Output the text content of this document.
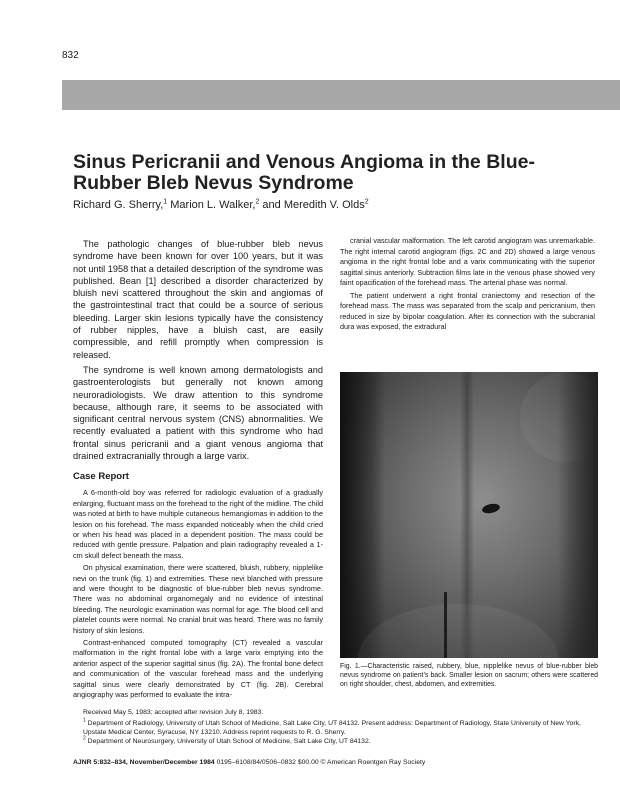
832
Sinus Pericranii and Venous Angioma in the Blue-Rubber Bleb Nevus Syndrome
Richard G. Sherry,$^1$ Marion L. Walker,$^2$ and Meredith V. Olds$^2$

The pathologic changes of blue-rubber bleb nevus syndrome have been known for over 100 years, but it was not until 1958 that a detailed description of the syndrome was published. Bean [1] described a disorder characterized by bluish nevi scattered throughout the skin and angiomas of the gastrointestinal tract that could be a source of serious bleeding. Larger skin lesions typically have the consistency of rubber nipples, have a bluish cast, are easily compressible, and refill promptly when compression is released.

The syndrome is well known among dermatologists and gastroenterologists but generally not known among neuroradiologists. We draw attention to this syndrome because, although rare, it seems to be associated with significant central nervous system (CNS) abnormalities. We recently evaluated a patient with this syndrome who had frontal sinus pericranii and a giant venous angioma that drained extracranially through a large varix.

Case Report

A 6-month-old boy was referred for radiologic evaluation of a gradually enlarging, fluctuant mass on the forehead to the right of the midline. The child was noted at birth to have multiple cutaneous hemangiomas in addition to the lesion on his forehead. The mass expanded noticeably when the child cried or when his head was placed in a dependent position. The mass could be reduced with gentle pressure. Palpation and plain radiography revealed a 1-cm skull defect beneath the mass.

On physical examination, there were scattered, bluish, rubbery, nipplelike nevi on the trunk (fig. 1) and extremities. These nevi blanched with pressure and were thought to be diagnostic of blue-rubber bleb nevus syndrome. There was no abdominal organomegaly and no evidence of intestinal bleeding. The neurologic examination was normal for age. The blood cell and platelet counts were normal. No cranial bruit was heard. There was no family history of skin lesions.

Contrast-enhanced computed tomography (CT) revealed a vascular malformation in the right frontal lobe with a large varix emptying into the anterior aspect of the superior sagittal sinus (fig. 2A). The frontal bone defect and communication of the vascular forehead mass and the underlying sagittal sinus were clearly demonstrated by CT (fig. 2B). Cerebral angiography was performed to evaluate the intra-

cranial vascular malformation. The left carotid angiogram was unremarkable. The right internal carotid angiogram (figs. 2C and 2D) showed a large venous angioma in the right frontal lobe and a varix communicating with the superior sagittal sinus anteriorly. Subtraction films late in the venous phase showed very faint opacification of the forehead mass. The arterial phase was normal.

The patient underwent a right frontal craniectomy and resection of the forehead mass. The mass was separated from the scalp and pericranium, then reduced in size by bipolar coagulation. After its connection with the subcranial dura was exposed, the extradural

Fig. 1.—Characteristic raised, rubbery, blue, nipplelike nevus of blue-rubber bleb nevus syndrome on patient’s back. Smaller lesion on sacrum; others were scattered on right shoulder, chest, abdomen, and extremities.

Received May 5, 1983; accepted after revision July 8, 1983.

$^1$ Department of Radiology, University of Utah School of Medicine, Salt Lake City, UT 84132. Present address: Department of Radiology, State University of New York, Upstate Medical Center, Syracuse, NY 13210. Address reprint requests to R. G. Sherry.

$^2$ Department of Neurosurgery, University of Utah School of Medicine, Salt Lake City, UT 84132.

AJNR 5:832–834, November/December 1984 0195–6108/84/0506–0832 $00.00 © American Roentgen Ray Society
